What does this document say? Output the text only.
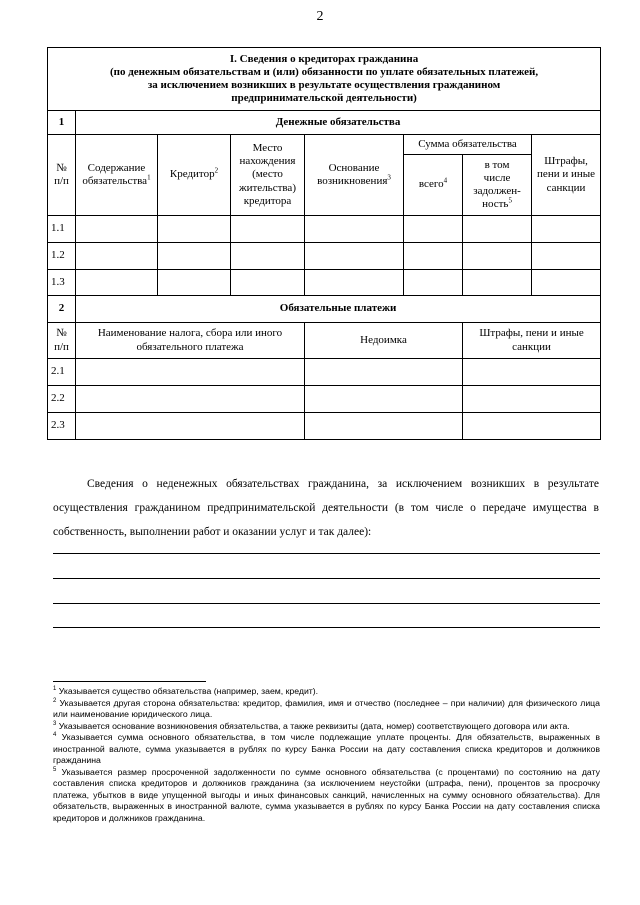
2
I. Сведения о кредиторах гражданина
(по денежным обязательствам и (или) обязанности по уплате обязательных платежей,
за исключением возникших в результате осуществления гражданином
предпринимательской деятельности)							

1	Денежные обязательства						
№
п/п	Содержание обязательства$^1$	Кредитор$^2$	Место нахождения (место жительства) кредитора	Основание возникновения$^3$	Сумма обязательства		Штрафы, пени и иные санкции
					всего$^4$	в том числе задолжен-ность$^5$
1.1							
1.2							
1.3							
2	Обязательные платежи						
№
п/п	Наименование налога, сбора или иного обязательного платежа			Недоимка		Штрафы, пени и иные санкции	
2.1							
2.2							
2.3							
Сведения о неденежных обязательствах гражданина, за исключением возникших в результате осуществления гражданином предпринимательской деятельности (в том числе о передаче имущества в собственность, выполнении работ и оказании услуг и так далее):

$^1$ Указывается существо обязательства (например, заем, кредит).

$^2$ Указывается другая сторона обязательства: кредитор, фамилия, имя и отчество (последнее – при наличии) для физического лица или наименование юридического лица.

$^3$ Указывается основание возникновения обязательства, а также реквизиты (дата, номер) соответствующего договора или акта.

$^4$ Указывается сумма основного обязательства, в том числе подлежащие уплате проценты. Для обязательств, выраженных в иностранной валюте, сумма указывается в рублях по курсу Банка России на дату составления списка кредиторов и должников гражданина

$^5$ Указывается размер просроченной задолженности по сумме основного обязательства (с процентами) по состоянию на дату составления списка кредиторов и должников гражданина (за исключением неустойки (штрафа, пени), процентов за просрочку платежа, убытков в виде упущенной выгоды и иных финансовых санкций, начисленных на сумму основного обязательства). Для обязательств, выраженных в иностранной валюте, сумма указывается в рублях по курсу Банка России на дату составления списка кредиторов и должников гражданина.
